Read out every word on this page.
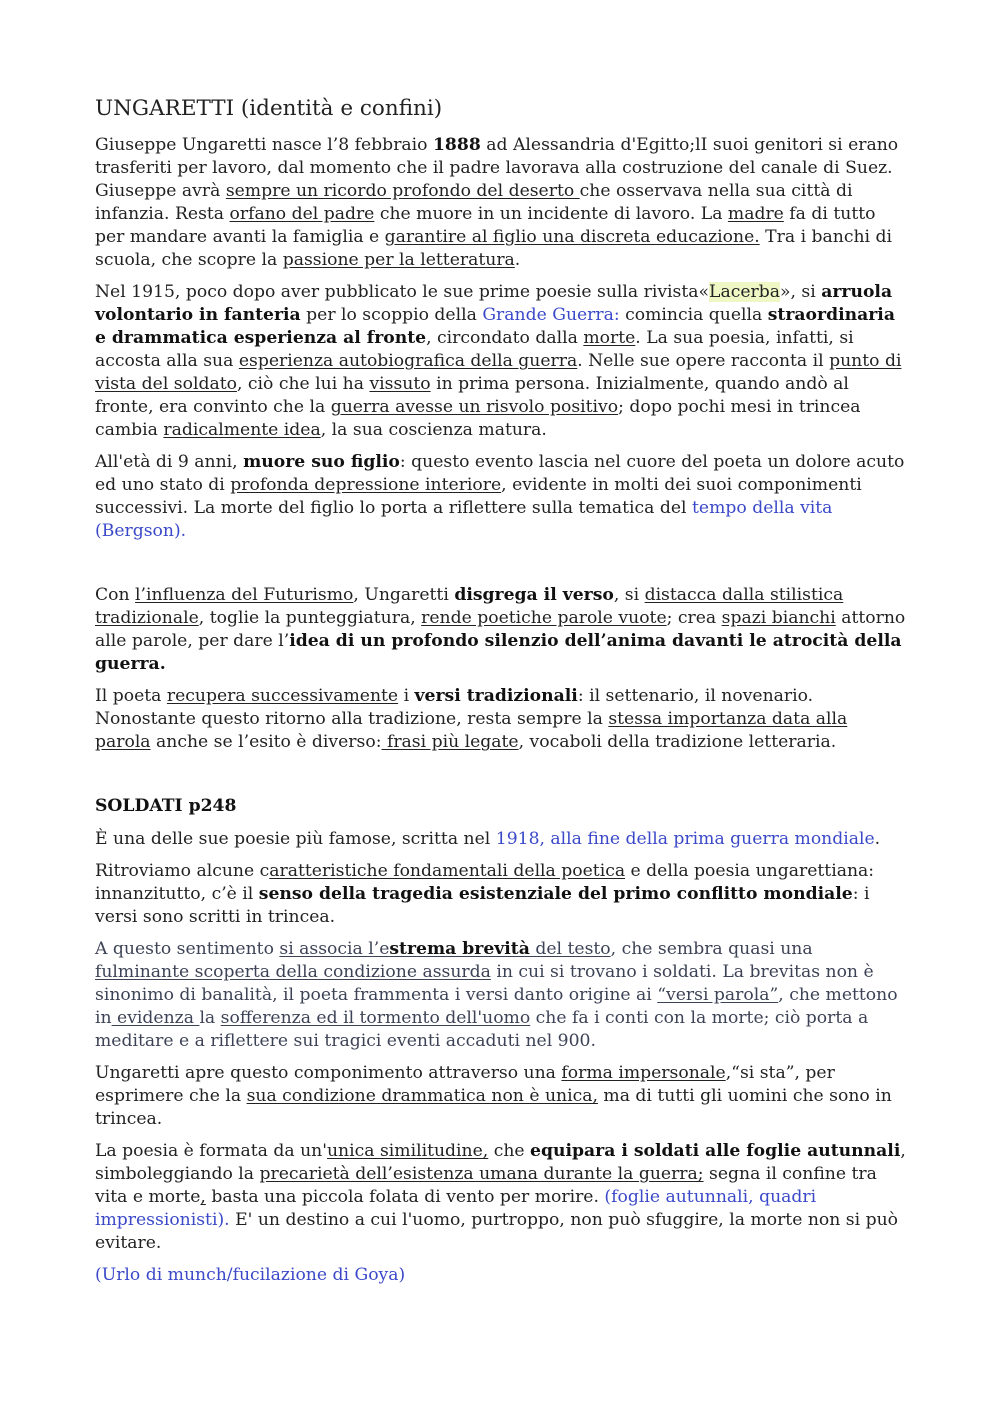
UNGARETTI (identità e confini)

Giuseppe Ungaretti nasce l’8 febbraio 1888 ad Alessandria d'Egitto;lI suoi genitori si erano trasferiti per lavoro, dal momento che il padre lavorava alla costruzione del canale di Suez. Giuseppe avrà sempre un ricordo profondo del deserto che osservava nella sua città di infanzia. Resta orfano del padre che muore in un incidente di lavoro. La madre fa di tutto per mandare avanti la famiglia e garantire al figlio una discreta educazione. Tra i banchi di scuola, che scopre la passione per la letteratura.

Nel 1915, poco dopo aver pubblicato le sue prime poesie sulla rivista«Lacerba», si arruola volontario in fanteria per lo scoppio della Grande Guerra: comincia quella straordinaria e drammatica esperienza al fronte, circondato dalla morte. La sua poesia, infatti, si accosta alla sua esperienza autobiografica della guerra. Nelle sue opere racconta il punto di vista del soldato, ciò che lui ha vissuto in prima persona. Inizialmente, quando andò al fronte, era convinto che la guerra avesse un risvolo positivo; dopo pochi mesi in trincea cambia radicalmente idea, la sua coscienza matura.

All'età di 9 anni, muore suo figlio: questo evento lascia nel cuore del poeta un dolore acuto ed uno stato di profonda depressione interiore, evidente in molti dei suoi componimenti successivi. La morte del figlio lo porta a riflettere sulla tematica del tempo della vita (Bergson).

Con l’influenza del Futurismo, Ungaretti disgrega il verso, si distacca dalla stilistica tradizionale, toglie la punteggiatura, rende poetiche parole vuote; crea spazi bianchi attorno alle parole, per dare l’idea di un profondo silenzio dell’anima davanti le atrocità della guerra.

Il poeta recupera successivamente i versi tradizionali: il settenario, il novenario. Nonostante questo ritorno alla tradizione, resta sempre la stessa importanza data alla parola anche se l’esito è diverso: frasi più legate, vocaboli della tradizione letteraria.

SOLDATI p248

È una delle sue poesie più famose, scritta nel 1918, alla fine della prima guerra mondiale.

Ritroviamo alcune caratteristiche fondamentali della poetica e della poesia ungarettiana: innanzitutto, c’è il senso della tragedia esistenziale del primo conflitto mondiale: i versi sono scritti in trincea.

A questo sentimento si associa l’estrema brevità del testo, che sembra quasi una fulminante scoperta della condizione assurda in cui si trovano i soldati. La brevitas non è sinonimo di banalità, il poeta frammenta i versi danto origine ai “versi parola”, che mettono in evidenza la sofferenza ed il tormento dell'uomo che fa i conti con la morte; ciò porta a meditare e a riflettere sui tragici eventi accaduti nel 900.

Ungaretti apre questo componimento attraverso una forma impersonale,“si sta”, per esprimere che la sua condizione drammatica non è unica, ma di tutti gli uomini che sono in trincea.

La poesia è formata da un'unica similitudine, che equipara i soldati alle foglie autunnali, simboleggiando la precarietà dell’esistenza umana durante la guerra; segna il confine tra vita e morte, basta una piccola folata di vento per morire. (foglie autunnali, quadri impressionisti). E' un destino a cui l'uomo, purtroppo, non può sfuggire, la morte non si può evitare.

(Urlo di munch/fucilazione di Goya)
